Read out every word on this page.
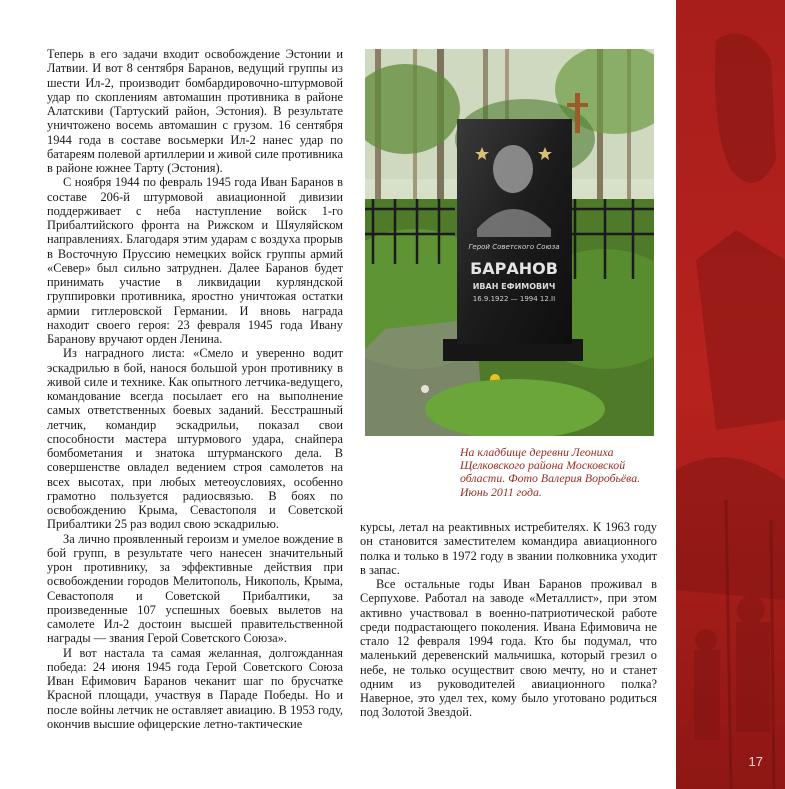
Теперь в его задачи входит освобождение Эстонии и Латвии. И вот 8 сентября Баранов, ведущий группы из шести Ил-2, производит бомбардировочно-штурмовой удар по скоплениям автомашин противника в районе Алатскиви (Тартуский район, Эстония). В результате уничтожено восемь автомашин с грузом. 16 сентября 1944 года в составе восьмерки Ил-2 нанес удар по батареям полевой артиллерии и живой силе противника в районе южнее Тарту (Эстония).

С ноября 1944 по февраль 1945 года Иван Баранов в составе 206-й штурмовой авиационной дивизии поддерживает с неба наступление войск 1-го Прибалтийского фронта на Рижском и Шяуляйском направлениях. Благодаря этим ударам с воздуха прорыв в Восточную Пруссию немецких войск группы армий «Север» был сильно затруднен. Далее Баранов будет принимать участие в ликвидации курляндской группировки противника, яростно уничтожая остатки армии гитлеровской Германии. И вновь награда находит своего героя: 23 февраля 1945 года Ивану Баранову вручают орден Ленина.

Из наградного листа: «Смело и уверенно водит эскадрилью в бой, нанося большой урон противнику в живой силе и технике. Как опытного летчика-ведущего, командование всегда посылает его на выполнение самых ответственных боевых заданий. Бесстрашный летчик, командир эскадрильи, показал свои способности мастера штурмового удара, снайпера бомбометания и знатока штурманского дела. В совершенстве овладел ведением строя самолетов на всех высотах, при любых метеоусловиях, особенно грамотно пользуется радиосвязью. В боях по освобождению Крыма, Севастополя и Советской Прибалтики 25 раз водил свою эскадрилью.

За лично проявленный героизм и умелое вождение в бой групп, в результате чего нанесен значительный урон противнику, за эффективные действия при освобождении городов Мелитополь, Никополь, Крыма, Севастополя и Советской Прибалтики, за произведенные 107 успешных боевых вылетов на самолете Ил-2 достоин высшей правительственной награды — звания Герой Советского Союза».

И вот настала та самая желанная, долгожданная победа: 24 июня 1945 года Герой Советского Союза Иван Ефимович Баранов чеканит шаг по брусчатке Красной площади, участвуя в Параде Победы. Но и после войны летчик не оставляет авиацию. В 1953 году, окончив высшие офицерские летно-тактические

Герой Советского Союза
БАРАНОВ
ИВАН ЕФИМОВИЧ
16.9.1922 — 1994 12.II
На кладбище деревни Леониха Щелковского района Московской области. Фото Валерия Воробьёва. Июнь 2011 года.

курсы, летал на реактивных истребителях. К 1963 году он становится заместителем командира авиационного полка и только в 1972 году в звании полковника уходит в запас.

Все остальные годы Иван Баранов проживал в Серпухове. Работал на заводе «Металлист», при этом активно участвовал в военно-патриотической работе среди подрастающего поколения. Ивана Ефимовича не стало 12 февраля 1994 года. Кто бы подумал, что маленький деревенский мальчишка, который грезил о небе, не только осуществит свою мечту, но и станет одним из руководителей авиационного полка? Наверное, это удел тех, кому было уготовано родиться под Золотой Звездой.

17
